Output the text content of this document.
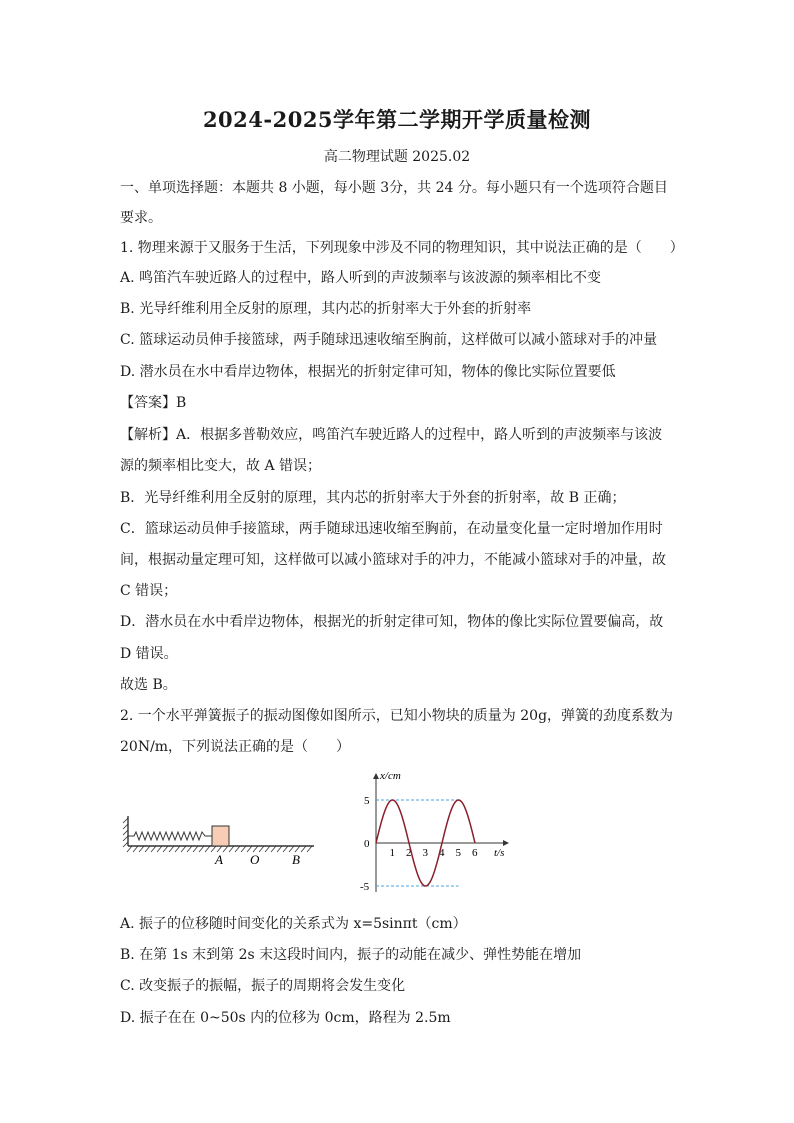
2024-2025学年第二学期开学质量检测
高二物理试题 2025.02
一、单项选择题：本题共 8 小题，每小题 3分，共 24 分。每小题只有一个选项符合题目
要求。
1. 物理来源于又服务于生活，下列现象中涉及不同的物理知识，其中说法正确的是（　　）
A. 鸣笛汽车驶近路人的过程中，路人听到的声波频率与该波源的频率相比不变
B. 光导纤维利用全反射的原理，其内芯的折射率大于外套的折射率
C. 篮球运动员伸手接篮球，两手随球迅速收缩至胸前，这样做可以减小篮球对手的冲量
D. 潜水员在水中看岸边物体，根据光的折射定律可知，物体的像比实际位置要低
【答案】B
【解析】A．根据多普勒效应，鸣笛汽车驶近路人的过程中，路人听到的声波频率与该波
源的频率相比变大，故 A 错误；
B．光导纤维利用全反射的原理，其内芯的折射率大于外套的折射率，故 B 正确；
C．篮球运动员伸手接篮球，两手随球迅速收缩至胸前，在动量变化量一定时增加作用时
间，根据动量定理可知，这样做可以减小篮球对手的冲力，不能减小篮球对手的冲量，故
C 错误；
D．潜水员在水中看岸边物体，根据光的折射定律可知，物体的像比实际位置要偏高，故
D 错误。
故选 B。
2. 一个水平弹簧振子的振动图像如图所示，已知小物块的质量为 20g，弹簧的劲度系数为
20N/m，下列说法正确的是（　　）
A O	B
x/cm
t/s
5
0
-5
1 2 3 4 5 6
A. 振子的位移随时间变化的关系式为 x=5sinπt（cm）
B. 在第 1s 末到第 2s 末这段时间内，振子的动能在减少、弹性势能在增加
C. 改变振子的振幅，振子的周期将会发生变化
D. 振子在在 0~50s 内的位移为 0cm，路程为 2.5m
